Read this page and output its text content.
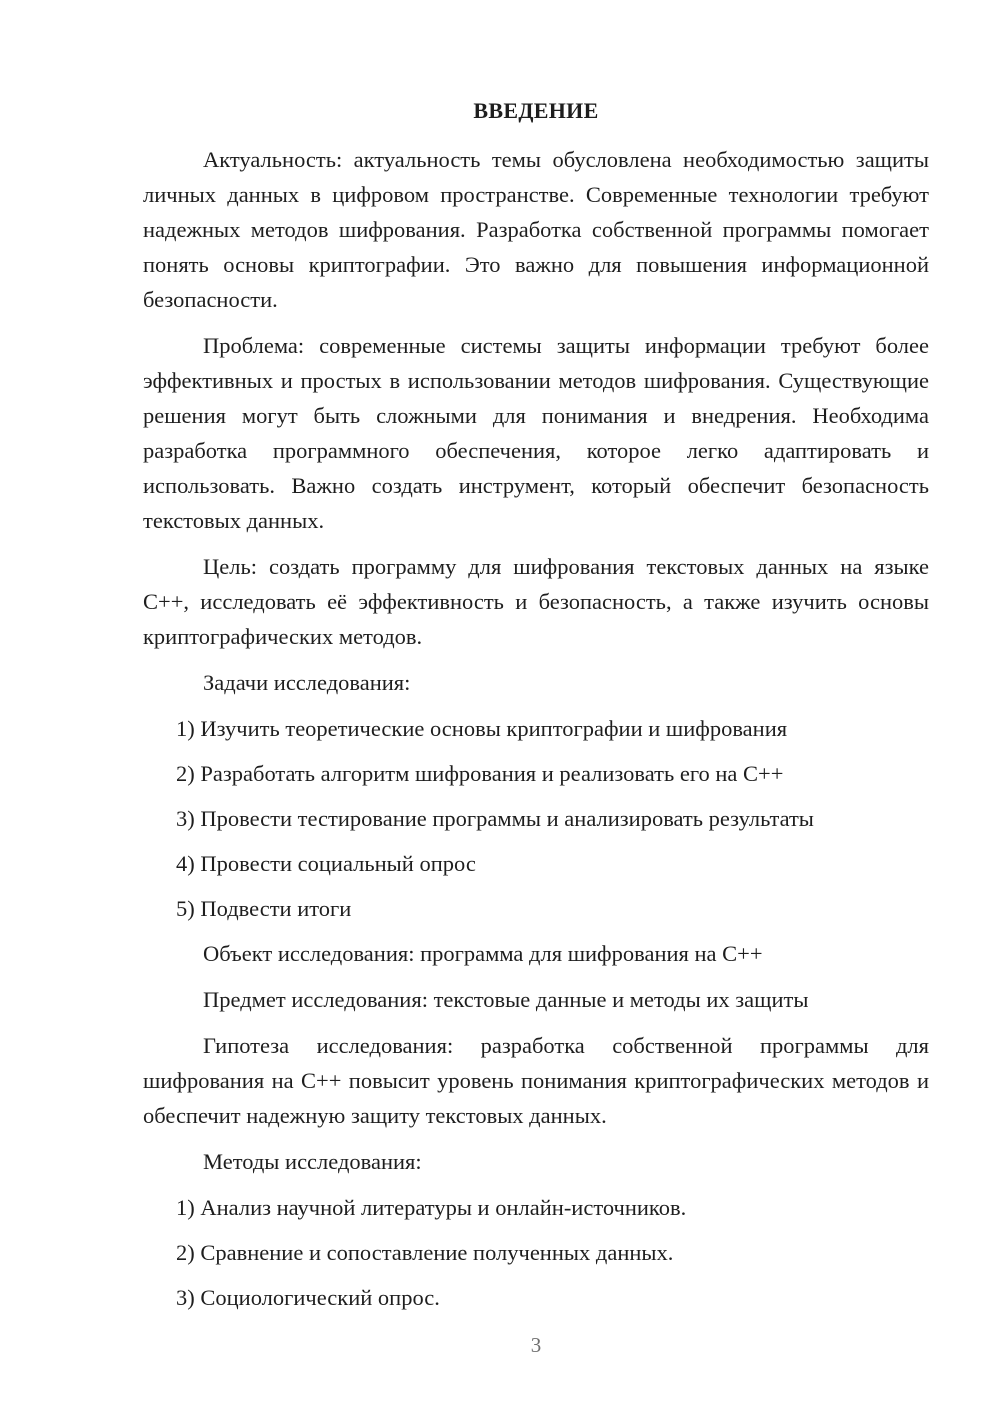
ВВЕДЕНИЕ

Актуальность: актуальность темы обусловлена необходимостью защиты личных данных в цифровом пространстве. Современные технологии требуют надежных методов шифрования. Разработка собственной программы помогает понять основы криптографии. Это важно для повышения информационной безопасности.

Проблема: современные системы защиты информации требуют более эффективных и простых в использовании методов шифрования. Существующие решения могут быть сложными для понимания и внедрения. Необходима разработка программного обеспечения, которое легко адаптировать и использовать. Важно создать инструмент, который обеспечит безопасность текстовых данных.

Цель: создать программу для шифрования текстовых данных на языке C++, исследовать её эффективность и безопасность, а также изучить основы криптографических методов.

Задачи исследования:

1) Изучить теоретические основы криптографии и шифрования
2) Разработать алгоритм шифрования и реализовать его на C++
3) Провести тестирование программы и анализировать результаты
4) Провести социальный опрос
5) Подвести итоги

Объект исследования: программа для шифрования на C++

Предмет исследования: текстовые данные и методы их защиты

Гипотеза исследования: разработка собственной программы для шифрования на C++ повысит уровень понимания криптографических методов и обеспечит надежную защиту текстовых данных.

Методы исследования:

1) Анализ научной литературы и онлайн-источников.
2) Сравнение и сопоставление полученных данных.
3) Социологический опрос.
3
